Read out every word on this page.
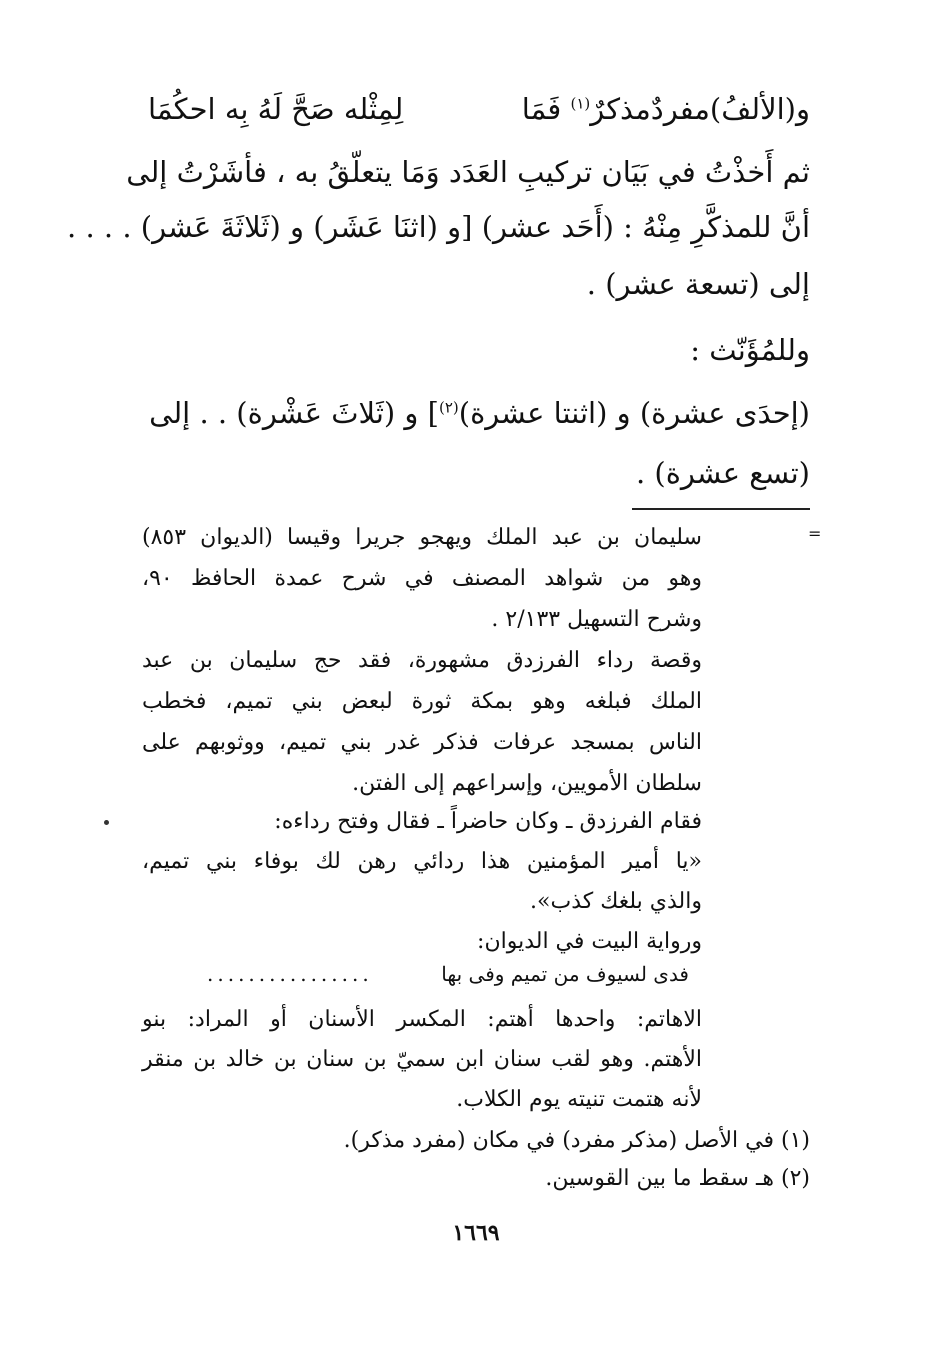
و(الألفُ)مفردٌمذكرٌ$^{(١)}$ فَمَا
لِمِثْله صَحَّ لَهُ بِه احكُمَا
ثم أَخذْتُ في بَيَان تركيبِ العَدَد وَمَا يتعلّقُ به ، فأشَرْتُ إلى
أنَّ للمذكَّرِ مِنْهُ : (أَحَد عشر) [و (اثنَا عَشَر) و (ثَلاثَةَ عَشر) . . . .
إلى (تسعة عشر) .
وللمُؤَنّث :
(إحدَى عشرة) و (اثنتا عشرة)$^{(٢)}$] و (ثَلاثَ عَشْرة) . . إلى
(تسع عشرة) .
=
سليمان بن عبد الملك ويهجو جريرا وقيسا (الديوان ٨٥٣)
وهو من شواهد المصنف في شرح عمدة الحافظ ٩٠،
وشرح التسهيل ٢/١٣٣ .
وقصة رداء الفرزدق مشهورة، فقد حج سليمان بن عبد
الملك فبلغه وهو بمكة ثورة لبعض بني تميم، فخطب
الناس بمسجد عرفات فذكر غدر بني تميم، ووثوبهم على
سلطان الأمويين، وإسراعهم إلى الفتن.
فقام الفرزدق ـ وكان حاضراً ـ فقال وفتح رداءه:
«يا أمير المؤمنين هذا ردائي رهن لك بوفاء بني تميم،
والذي بلغك كذب».
ورواية البيت في الديوان:
فدى لسيوف من تميم وفى بها
................
الاهاتم: واحدها أهتم: المكسر الأسنان أو المراد: بنو
الأهتم. وهو لقب سنان ابن سميّ بن سنان بن خالد بن منقر
لأنه هتمت تنيته يوم الكلاب.
(١) في الأصل (مذكر مفرد) في مكان (مفرد مذكر).
(٢) هـ سقط ما بين القوسين.
١٦٦٩
